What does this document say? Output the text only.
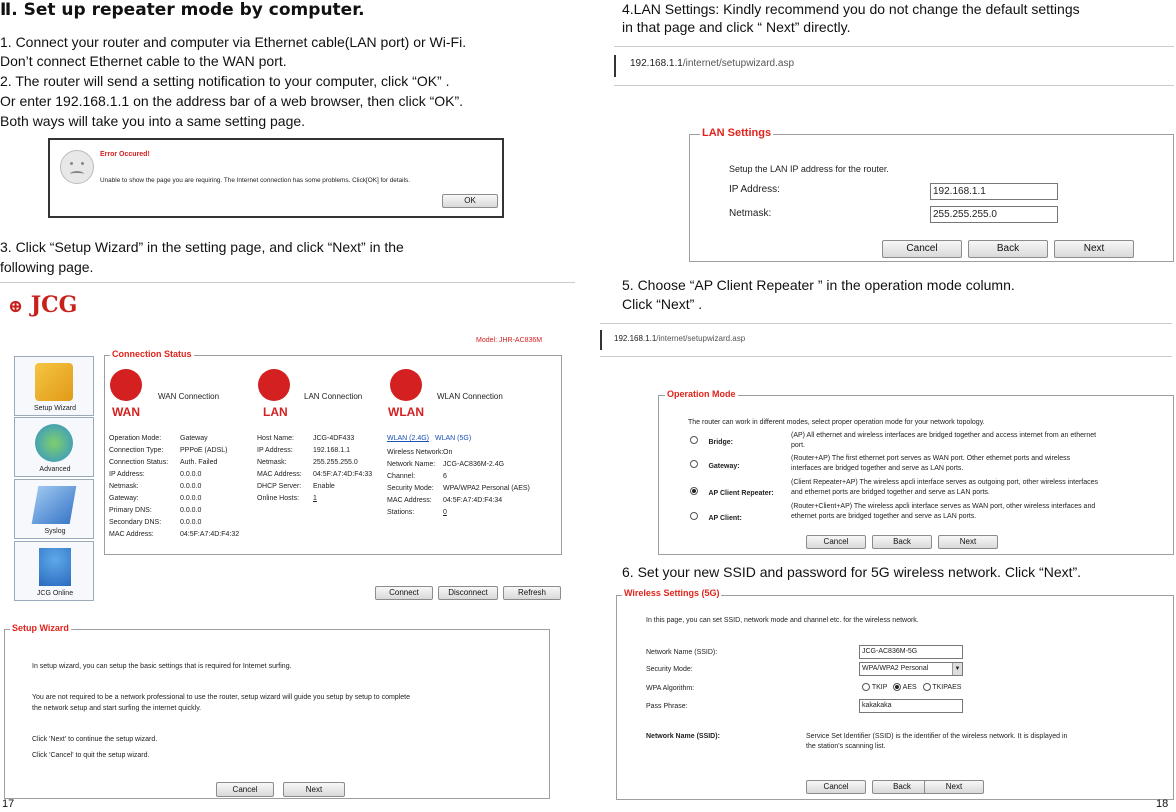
Ⅱ. Set up repeater mode by computer.
1. Connect your router and computer via Ethernet cable(LAN port) or Wi-Fi.
Don’t connect Ethernet cable to the WAN port.
2. The router will send a setting notification to your computer, click “OK” .
Or enter 192.168.1.1 on the address bar of a web browser, then click “OK”.
Both ways will take you into a same setting page.
Error Occured!
Unable to show the page you are requiring. The Internet connection has some problems. Click[OK] for details.
OK
3. Click “Setup Wizard” in the setting page, and click “Next” in the
following page.
⊕ JCG
Model: JHR-AC836M
Setup Wizard
Advanced
Syslog
JCG Online
Connection Status
WAN
WAN Connection
LAN
LAN Connection
WLAN
WLAN Connection
Operation Mode:	Gateway
Connection Type: PPPoE (ADSL)
Connection Status: Auth. Failed
IP Address:	0.0.0.0
Netmask:	0.0.0.0
Gateway:	0.0.0.0
Primary DNS:	0.0.0.0
Secondary DNS:	0.0.0.0
MAC Address:	04:5F:A7:4D:F4:32
Host Name:	JCG-4DF433
IP Address:	192.168.1.1
Netmask:	255.255.255.0
MAC Address: 04:5F:A7:4D:F4:33
DHCP Server: Enable
Online Hosts: 1
WLAN (2.4G) WLAN (5G)
Wireless Network:On
Network Name: JCG-AC836M-2.4G
Channel:	6
Security Mode: WPA/WPA2 Personal (AES)
MAC Address: 04:5F:A7:4D:F4:34
Stations:	0
Connect	Disconnect	Refresh
Setup Wizard
In setup wizard, you can setup the basic settings that is required for Internet surfing.
You are not required to be a network professional to use the router, setup wizard will guide you setup by setup to complete
the network setup and start surfing the internet quickly.
Click 'Next' to continue the setup wizard.
Click 'Cancel' to quit the setup wizard.
Cancel	Next
17
4.LAN Settings: Kindly recommend you do not change the default settings
in that page and click “ Next” directly.
192.168.1.1/internet/setupwizard.asp
LAN Settings
Setup the LAN IP address for the router.
IP Address:	192.168.1.1
Netmask:	255.255.255.0
Cancel	Back	Next
5. Choose “AP Client Repeater ” in the operation mode column.
Click “Next” .
192.168.1.1/internet/setupwizard.asp
Operation Mode
The router can work in different modes, select proper operation mode for your network topology.
Bridge:
(AP) All ethernet and wireless interfaces are bridged together and access internet from an ethernet
port.
Gateway:
(Router+AP) The first ethernet port serves as WAN port. Other ethernet ports and wireless
interfaces are bridged together and serve as LAN ports.
AP Client Repeater:
(Client Repeater+AP) The wireless apcli interface serves as outgoing port, other wireless interfaces
and ethernet ports are bridged together and serve as LAN ports.
AP Client:
(Router+Client+AP) The wireless apcli interface serves as WAN port, other wireless interfaces and
ethernet ports are bridged together and serve as LAN ports.
Cancel	Back	Next
6. Set your new SSID and password for 5G wireless network. Click “Next”.
Wireless Settings (5G)
In this page, you can set SSID, network mode and channel etc. for the wireless network.
Network Name (SSID):	JCG-AC836M-5G
Security Mode:	WPA/WPA2 Personal	▼
WPA Algorithm:	TKIP AES TKIPAES
Pass Phrase:	kakakaka
Network Name (SSID):	Service Set Identifier (SSID) is the identifier of the wireless network. It is displayed in
the station's scanning list.
Cancel	Back	Next
18
